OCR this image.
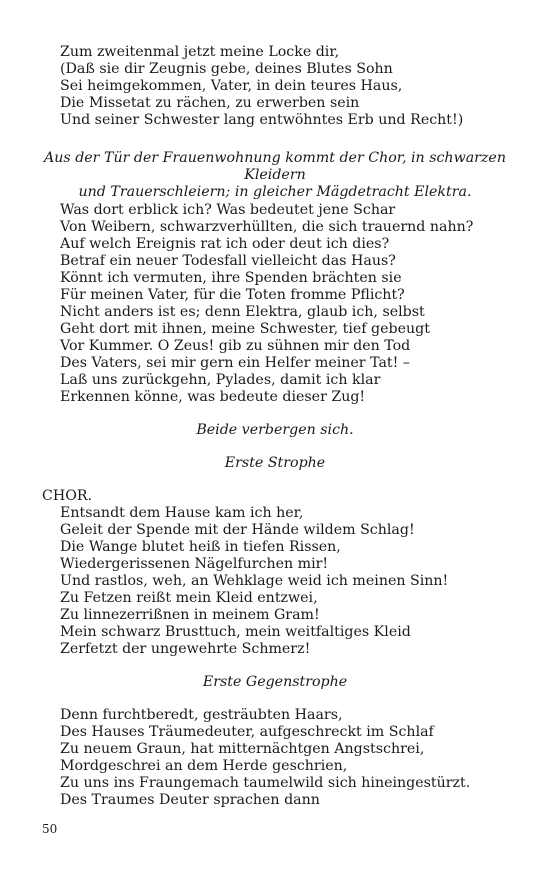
Zum zweitenmal jetzt meine Locke dir,
(Daß sie dir Zeugnis gebe, deines Blutes Sohn
Sei heimgekommen, Vater, in dein teures Haus,
Die Missetat zu rächen, zu erwerben sein
Und seiner Schwester lang entwöhntes Erb und Recht!)

Aus der Tür der Frauenwohnung kommt der Chor, in schwarzen Kleidern

und Trauerschleiern; in gleicher Mägdetracht Elektra.

Was dort erblick ich? Was bedeutet jene Schar
Von Weibern, schwarzverhüllten, die sich trauernd nahn?
Auf welch Ereignis rat ich oder deut ich dies?
Betraf ein neuer Todesfall vielleicht das Haus?
Könnt ich vermuten, ihre Spenden brächten sie
Für meinen Vater, für die Toten fromme Pflicht?
Nicht anders ist es; denn Elektra, glaub ich, selbst
Geht dort mit ihnen, meine Schwester, tief gebeugt
Vor Kummer. O Zeus! gib zu sühnen mir den Tod
Des Vaters, sei mir gern ein Helfer meiner Tat! –
Laß uns zurückgehn, Pylades, damit ich klar
Erkennen könne, was bedeute dieser Zug!

Beide verbergen sich.

Erste Strophe

CHOR.
Entsandt dem Hause kam ich her,
Geleit der Spende mit der Hände wildem Schlag!
Die Wange blutet heiß in tiefen Rissen,
Wiedergerissenen Nägelfurchen mir!
Und rastlos, weh, an Wehklage weid ich meinen Sinn!
Zu Fetzen reißt mein Kleid entzwei,
Zu linnezerrißnen in meinem Gram!
Mein schwarz Brusttuch, mein weitfaltiges Kleid
Zerfetzt der ungewehrte Schmerz!

Erste Gegenstrophe

Denn furchtberedt, gesträubten Haars,
Des Hauses Träumedeuter, aufgeschreckt im Schlaf
Zu neuem Graun, hat mitternächtgen Angstschrei,
Mordgeschrei an dem Herde geschrien,
Zu uns ins Fraungemach taumelwild sich hineingestürzt.
Des Traumes Deuter sprachen dann
50
